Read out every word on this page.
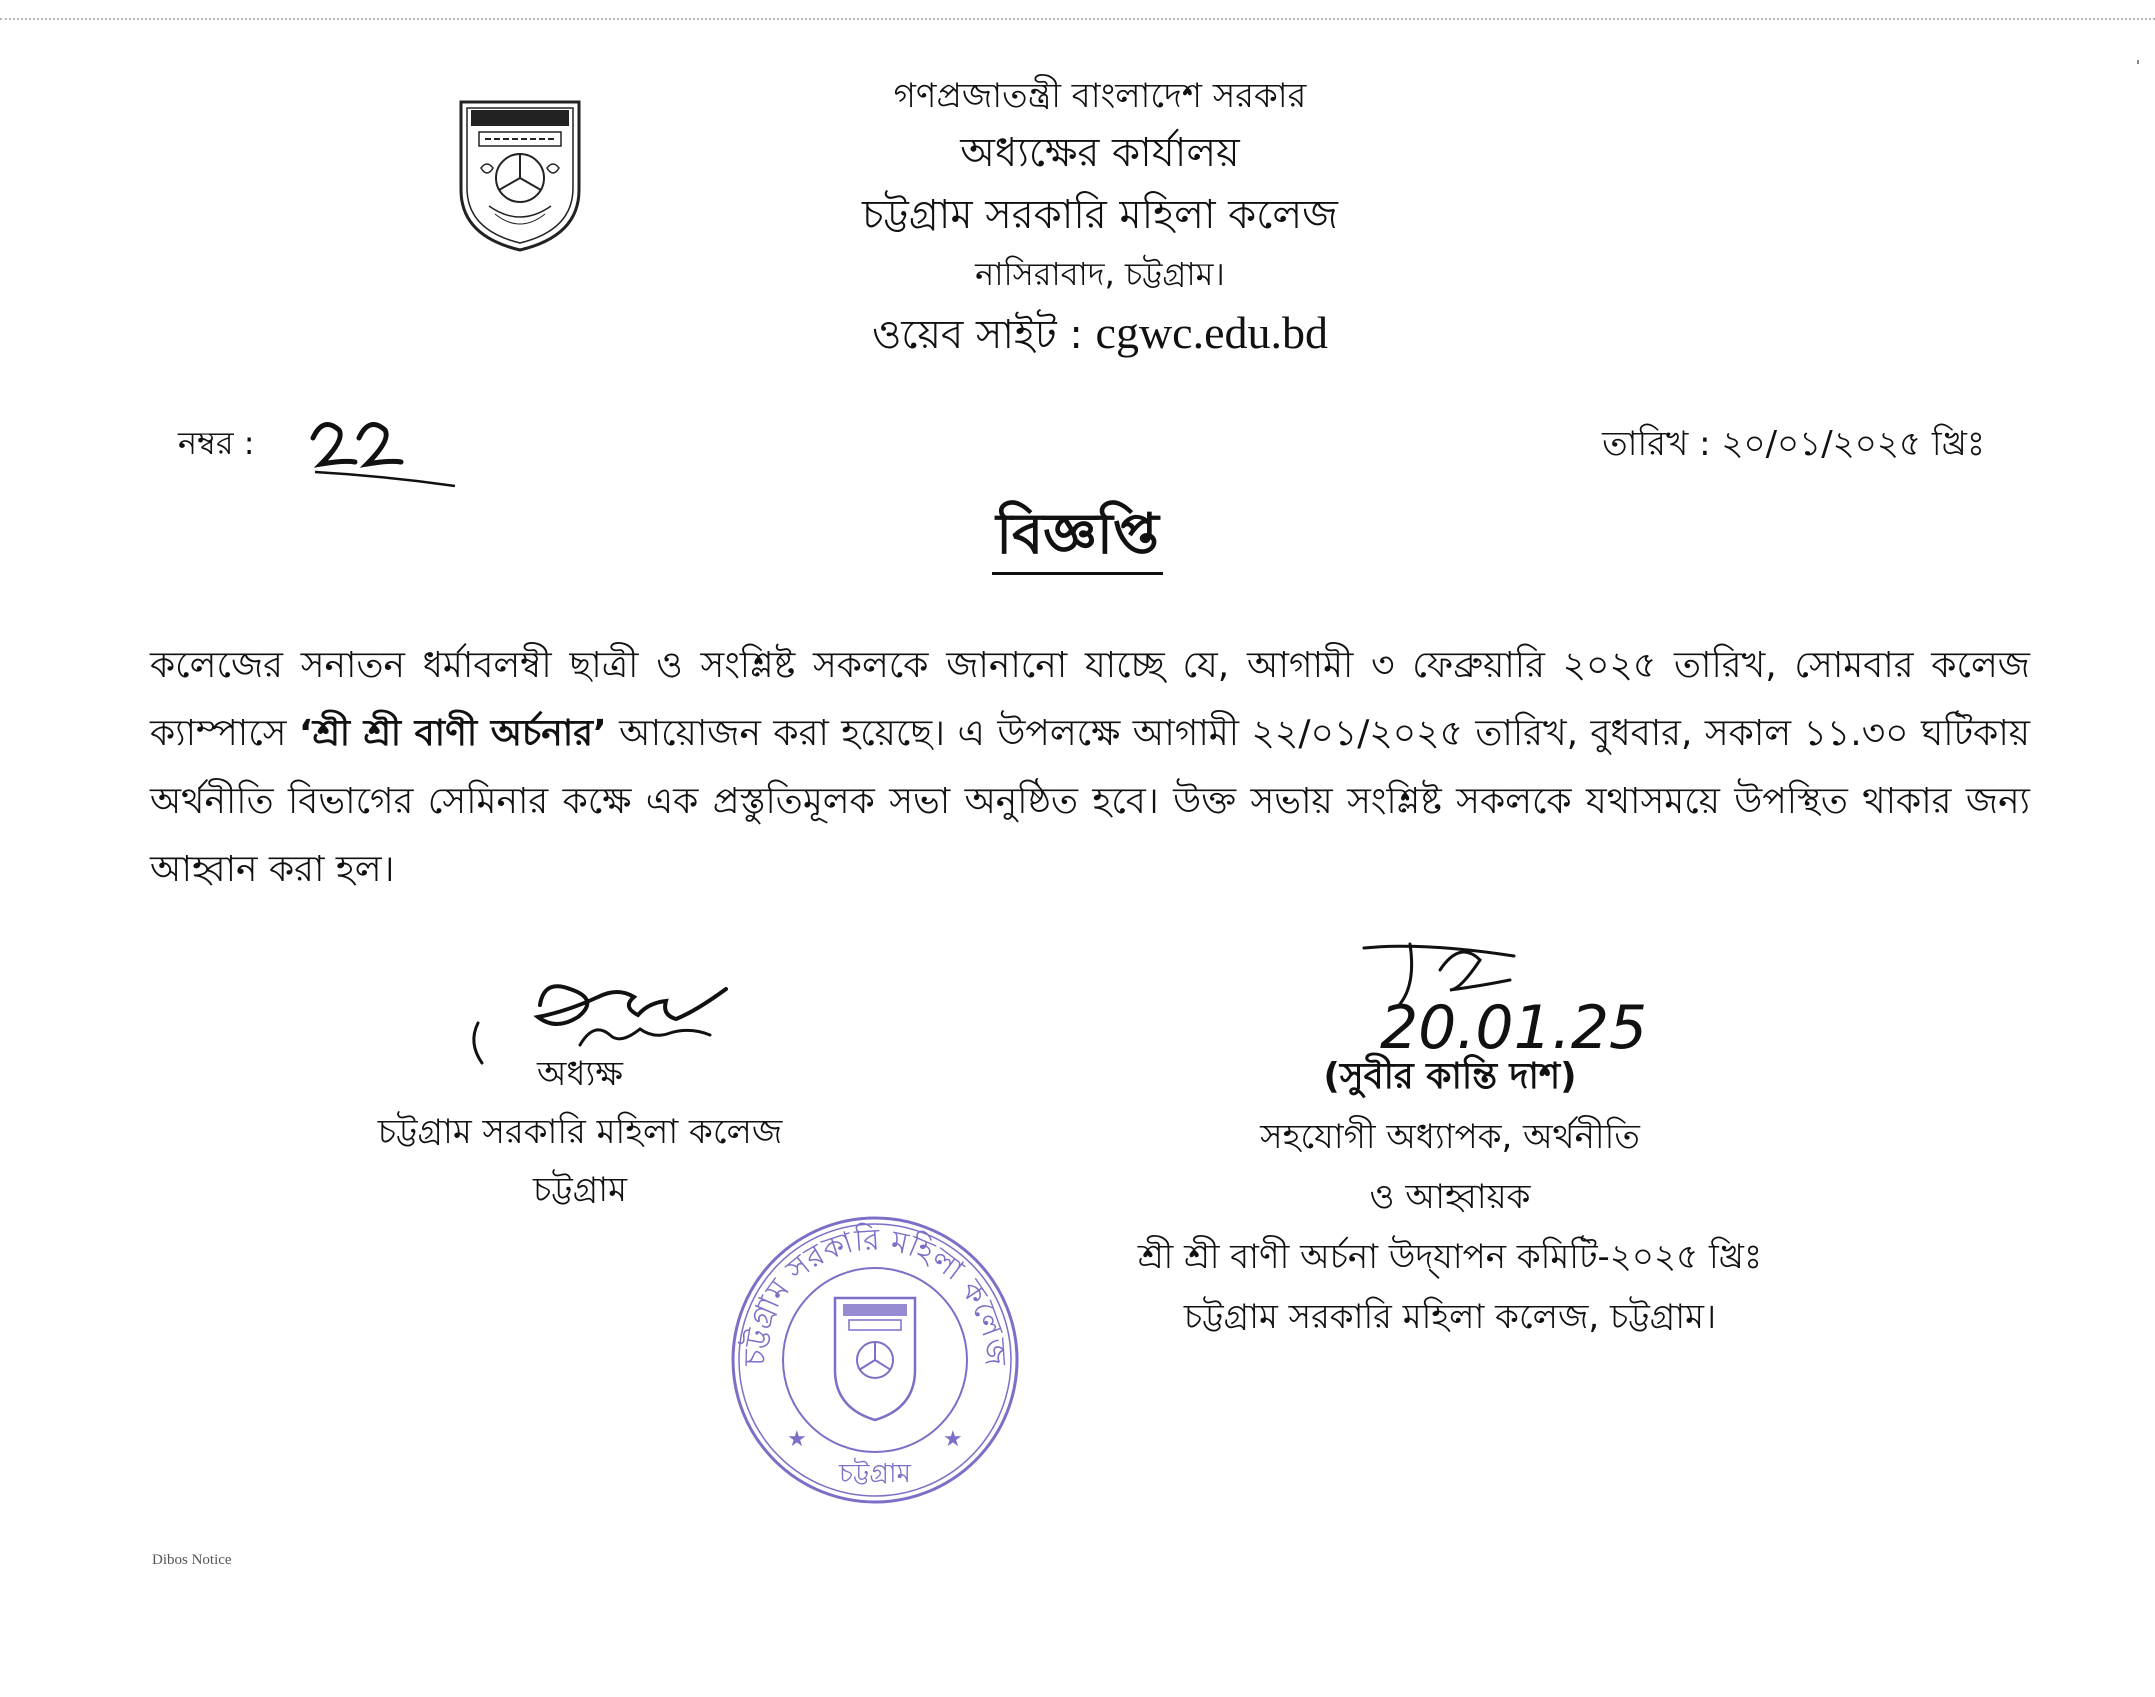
গণপ্রজাতন্ত্রী বাংলাদেশ সরকার
অধ্যক্ষের কার্যালয়
চট্টগ্রাম সরকারি মহিলা কলেজ
নাসিরাবাদ, চট্টগ্রাম।
ওয়েব সাইট : cgwc.edu.bd
নম্বর :	তারিখ : ২০/০১/২০২৫ খ্রিঃ
বিজ্ঞপ্তি
কলেজের সনাতন ধর্মাবলম্বী ছাত্রী ও সংশ্লিষ্ট সকলকে জানানো যাচ্ছে যে, আগামী ৩ ফেব্রুয়ারি ২০২৫ তারিখ, সোমবার কলেজ ক্যাম্পাসে ‘শ্রী শ্রী বাণী অর্চনার’ আয়োজন করা হয়েছে। এ উপলক্ষে আগামী ২২/০১/২০২৫ তারিখ, বুধবার, সকাল ১১.৩০ ঘটিকায় অর্থনীতি বিভাগের সেমিনার কক্ষে এক প্রস্তুতিমূলক সভা অনুষ্ঠিত হবে। উক্ত সভায় সংশ্লিষ্ট সকলকে যথাসময়ে উপস্থিত থাকার জন্য আহ্বান করা হল।
অধ্যক্ষ
চট্টগ্রাম সরকারি মহিলা কলেজ
চট্টগ্রাম
20.01.25
(সুবীর কান্তি দাশ)
সহযোগী অধ্যাপক, অর্থনীতি
ও আহ্বায়ক
শ্রী শ্রী বাণী অর্চনা উদ্‌যাপন কমিটি-২০২৫ খ্রিঃ
চট্টগ্রাম সরকারি মহিলা কলেজ, চট্টগ্রাম।
চট্টগ্রাম সরকারি মহিলা কলেজ
চট্টগ্রাম
★	★
Dibos Notice
